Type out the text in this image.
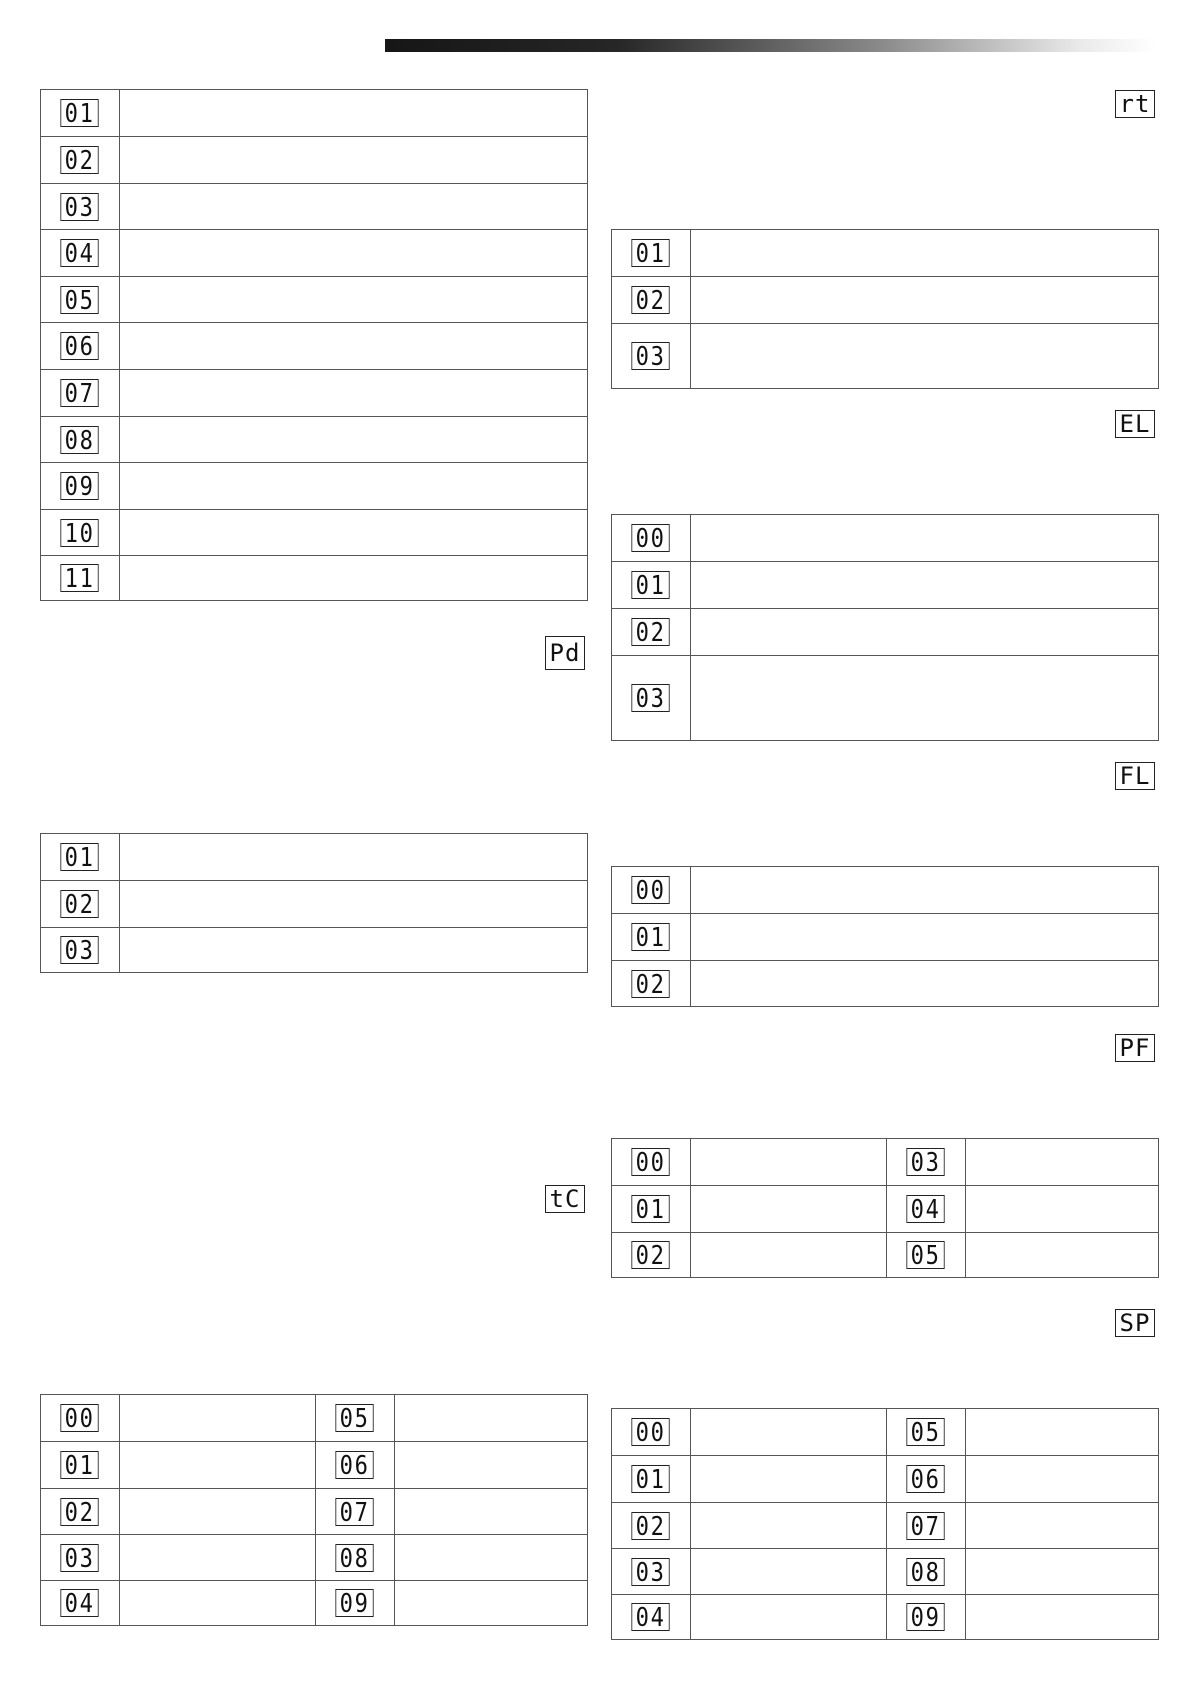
rt
Pd
EL
FL
PF
tC
SP
01
02
03
04
05
06
07
08
09
10
11
01
02
03
00
01
02
03
04
05
06
07
08
09
01
02
03
00
01
02
03
00
01
02
00
01
02
03
04
05
00
01
02
03
04
05
06
07
08
09
